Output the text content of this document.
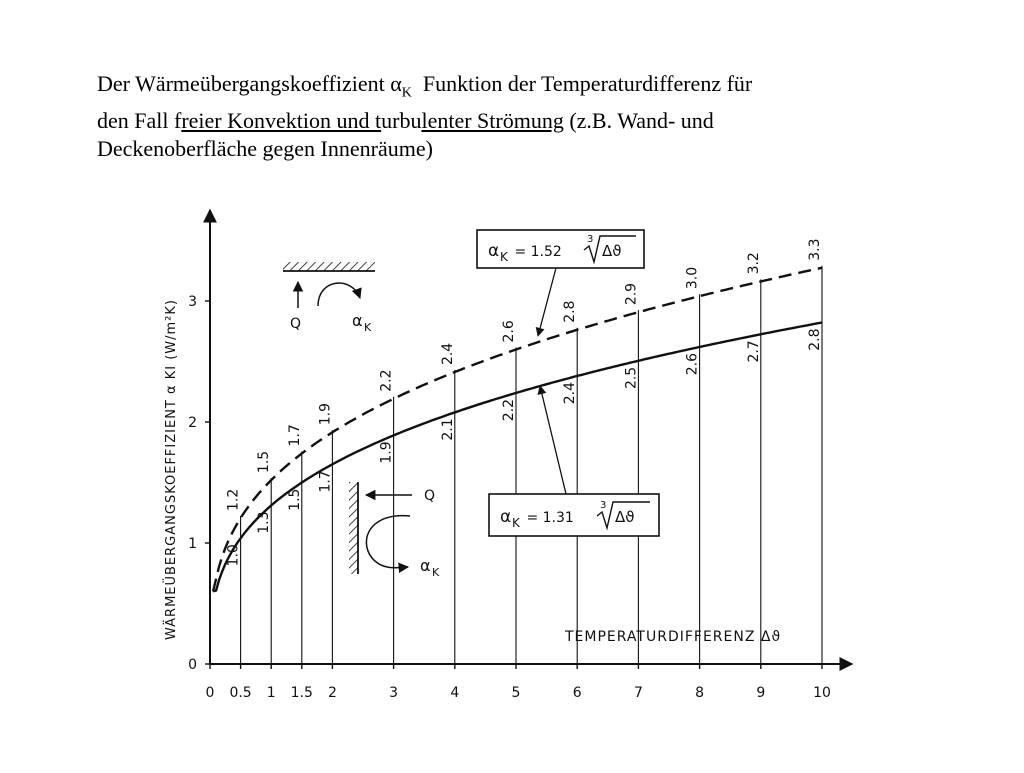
Der Wärmeübergangskoeffizient $\alpha_K$  Funktion der Temperaturdifferenz für
den Fall freier Konvektion und turbulenter Strömung (z.B. Wand- und
Deckenoberfläche gegen Innenräume)
0 0.5 1 1.5 2	3	4	5	6	7	8	9	10
0
1
2
3
1.0
1.2
1.3
1.5
1.5
1.7
1.7
1.9
1.9
2.2
2.1
2.4
2.2
2.6
2.4
2.8
2.5
2.9
2.6
3.0
2.7
3.2
2.8
3.3
α K = 1.52
3
Δϑ
α K = 1.31
3
Δϑ
Q	α K
Q
α K
WÄRMEÜBERGANGSKOEFFIZIENT α KI (W/m²K)	TEMPERATURDIFFERENZ Δϑ
